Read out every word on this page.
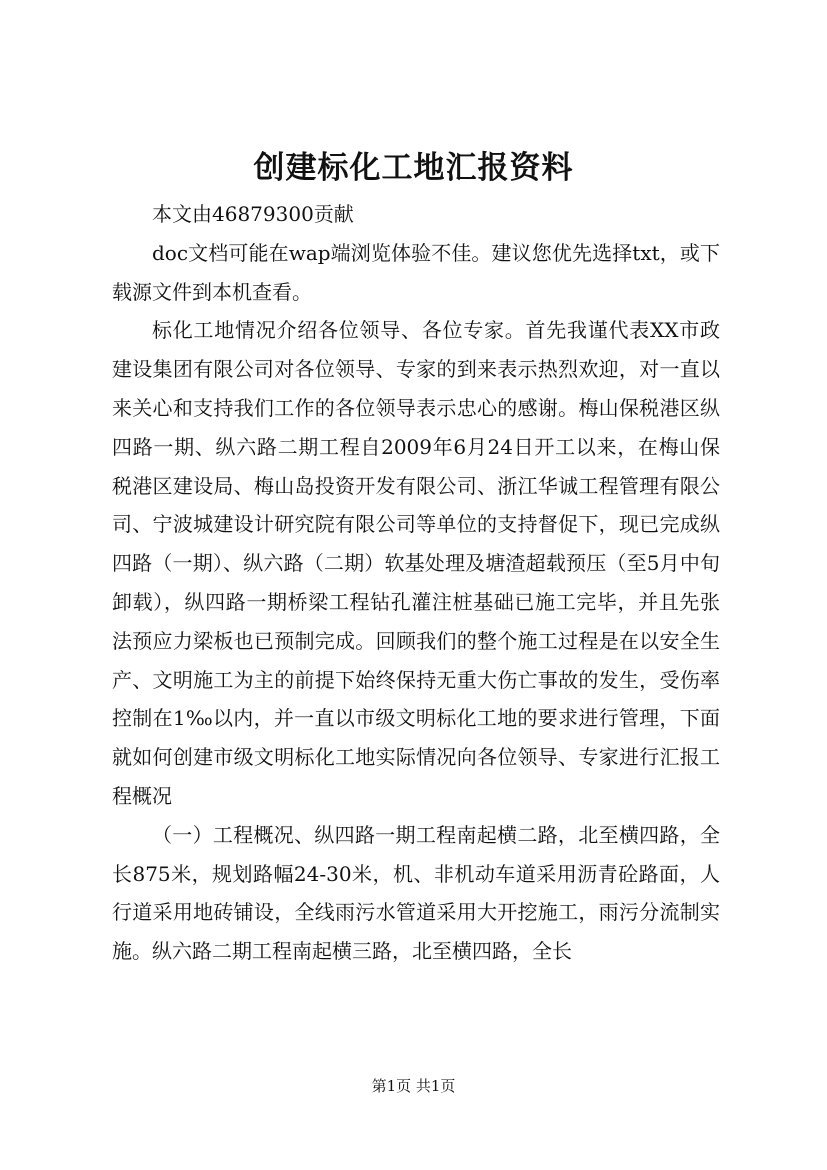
创建标化工地汇报资料

本文由46879300贡献

doc文档可能在wap端浏览体验不佳。建议您优先选择txt，或下载源文件到本机查看。

标化工地情况介绍各位领导、各位专家。首先我谨代表XX市政建设集团有限公司对各位领导、专家的到来表示热烈欢迎，对一直以来关心和支持我们工作的各位领导表示忠心的感谢。梅山保税港区纵四路一期、纵六路二期工程自2009年6月24日开工以来，在梅山保税港区建设局、梅山岛投资开发有限公司、浙江华诚工程管理有限公司、宁波城建设计研究院有限公司等单位的支持督促下，现已完成纵四路（一期）、纵六路（二期）软基处理及塘渣超载预压（至5月中旬卸载），纵四路一期桥梁工程钻孔灌注桩基础已施工完毕，并且先张法预应力梁板也已预制完成。回顾我们的整个施工过程是在以安全生产、文明施工为主的前提下始终保持无重大伤亡事故的发生，受伤率控制在1‰以内，并一直以市级文明标化工地的要求进行管理，下面就如何创建市级文明标化工地实际情况向各位领导、专家进行汇报工程概况

（一）工程概况、纵四路一期工程南起横二路，北至横四路，全长875米，规划路幅24-30米，机、非机动车道采用沥青砼路面，人行道采用地砖铺设，全线雨污水管道采用大开挖施工，雨污分流制实施。纵六路二期工程南起横三路，北至横四路，全长

第1页 共1页
